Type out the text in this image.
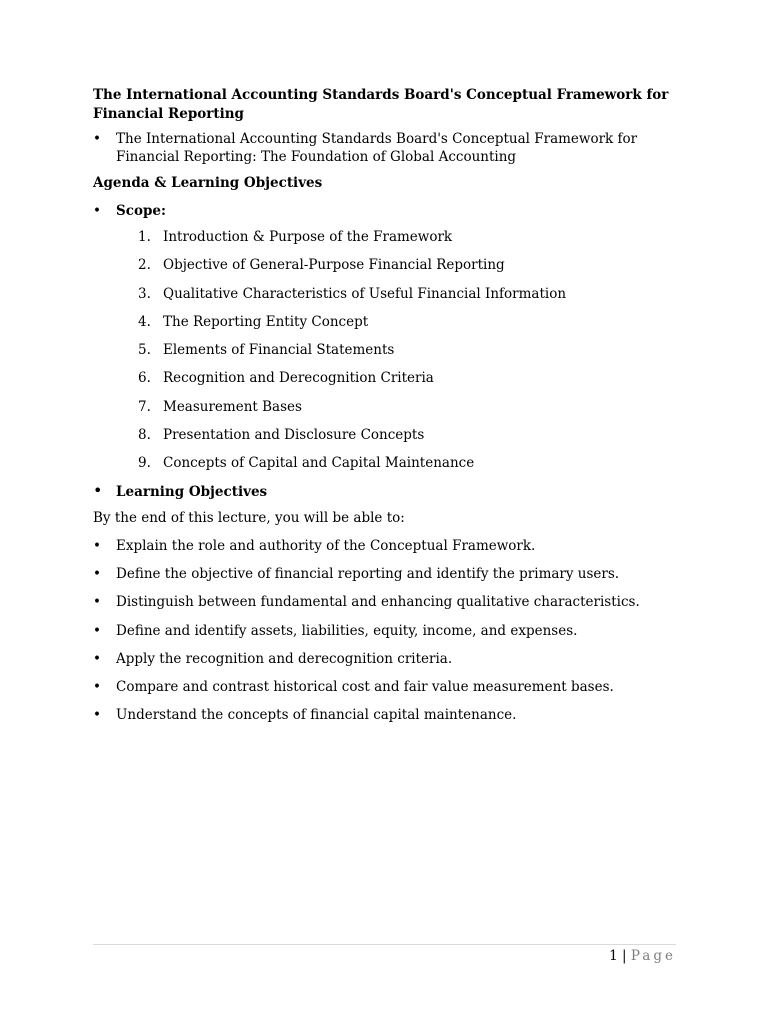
The International Accounting Standards Board's Conceptual Framework for Financial Reporting
• The International Accounting Standards Board's Conceptual Framework for Financial Reporting: The Foundation of Global Accounting
Agenda & Learning Objectives
• Scope:
1. Introduction & Purpose of the Framework
2. Objective of General-Purpose Financial Reporting
3. Qualitative Characteristics of Useful Financial Information
4. The Reporting Entity Concept
5. Elements of Financial Statements
6. Recognition and Derecognition Criteria
7. Measurement Bases
8. Presentation and Disclosure Concepts
9. Concepts of Capital and Capital Maintenance
• Learning Objectives
By the end of this lecture, you will be able to:
• Explain the role and authority of the Conceptual Framework.
• Define the objective of financial reporting and identify the primary users.
• Distinguish between fundamental and enhancing qualitative characteristics.
• Define and identify assets, liabilities, equity, income, and expenses.
• Apply the recognition and derecognition criteria.
• Compare and contrast historical cost and fair value measurement bases.
• Understand the concepts of financial capital maintenance.
1 | Page
